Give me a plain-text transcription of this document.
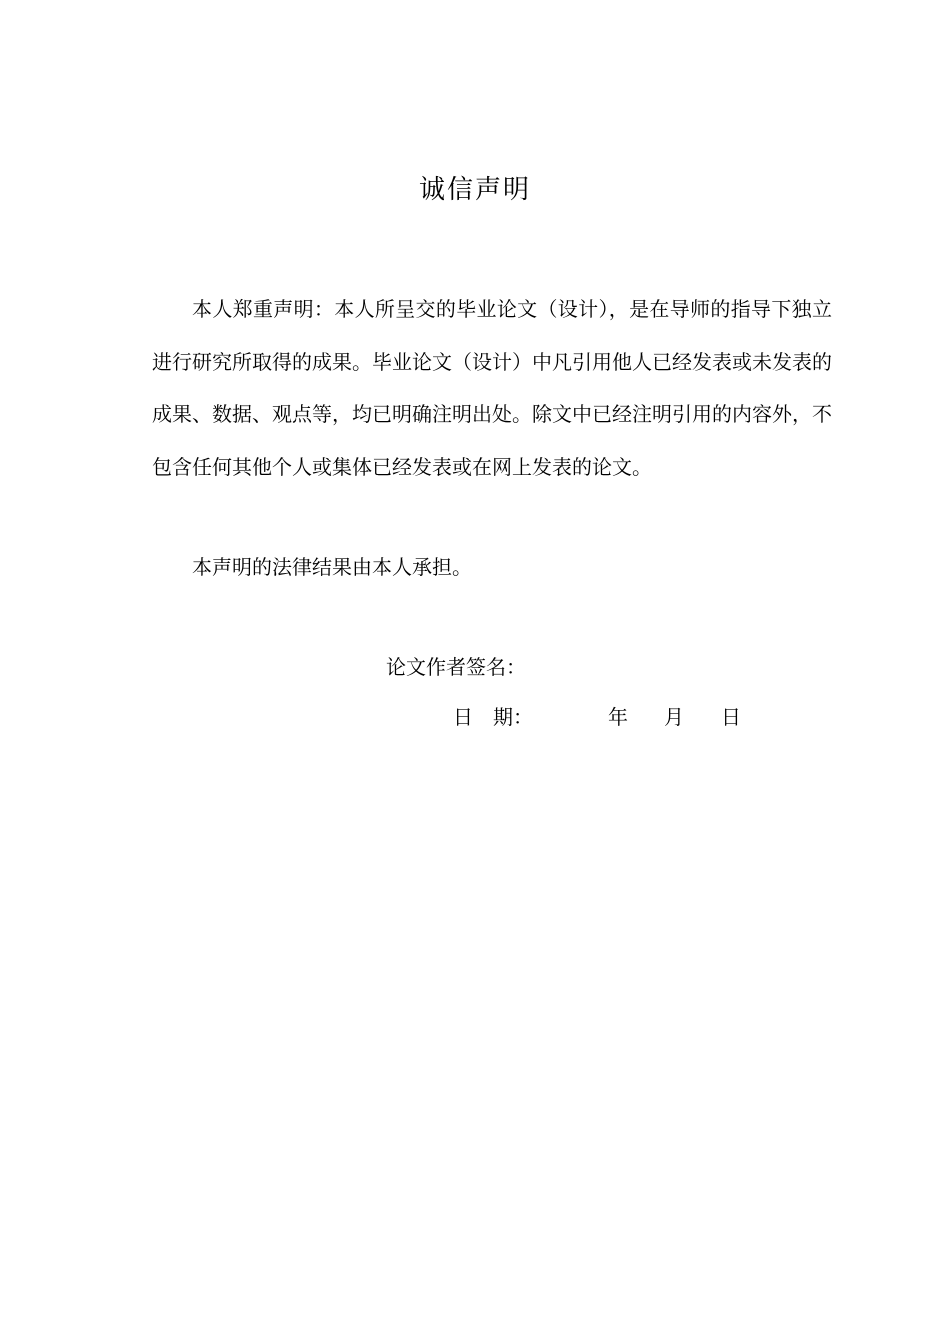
诚信声明

本人郑重声明：本人所呈交的毕业论文（设计），是在导师的指导下独立进行研究所取得的成果。毕业论文（设计）中凡引用他人已经发表或未发表的成果、数据、观点等，均已明确注明出处。除文中已经注明引用的内容外，不包含任何其他个人或集体已经发表或在网上发表的论文。

本声明的法律结果由本人承担。

论文作者签名：

日　期：

	年

月

日
